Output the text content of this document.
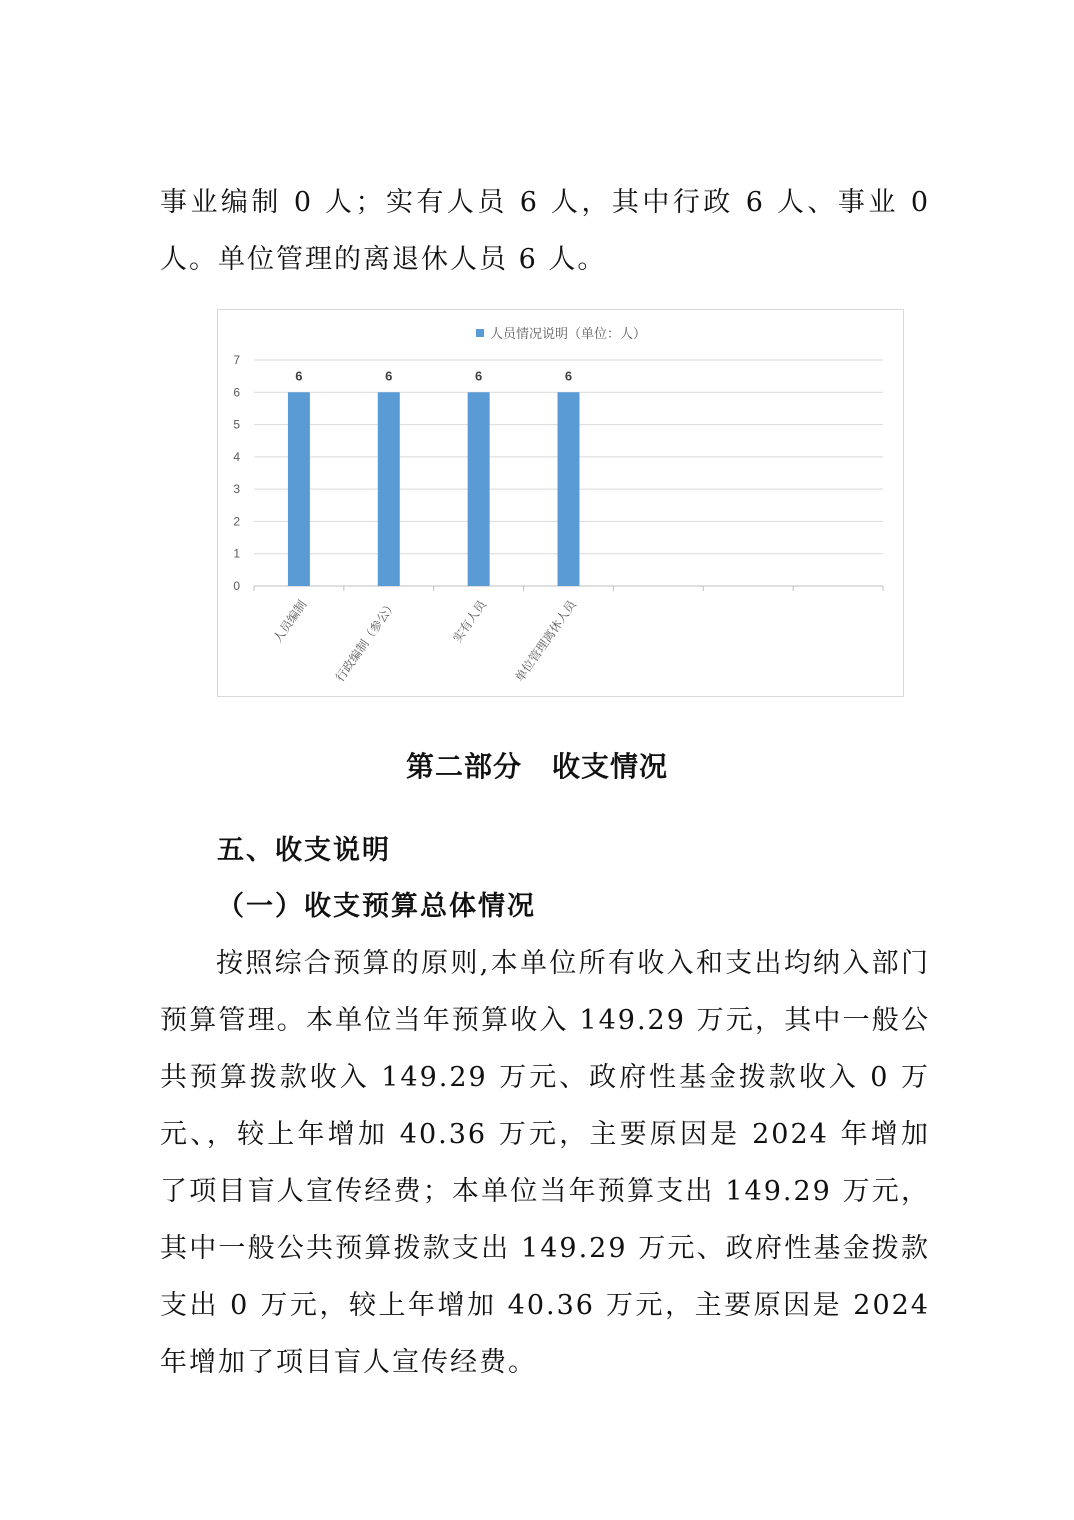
事业编制 0 人；实有人员 6 人，其中行政 6 人、事业 0 人。单位管理的离退休人员 6 人。

0
1
2
3
4
5
6
7
人员情况说明（单位：人）
6
人员编制
6
行政编制（参公）
6
实有人员
6
单位管理离休人员
第二部分 收支情况
五、收支说明
（一）收支预算总体情况

按照综合预算的原则,本单位所有收入和支出均纳入部门预算管理。本单位当年预算收入 149.29 万元，其中一般公共预算拨款收入 149.29 万元、政府性基金拨款收入 0 万元、，较上年增加 40.36 万元，主要原因是 2024 年增加了项目盲人宣传经费；本单位当年预算支出 149.29 万元，其中一般公共预算拨款支出 149.29 万元、政府性基金拨款支出 0 万元，较上年增加 40.36 万元，主要原因是 2024 年增加了项目盲人宣传经费。
